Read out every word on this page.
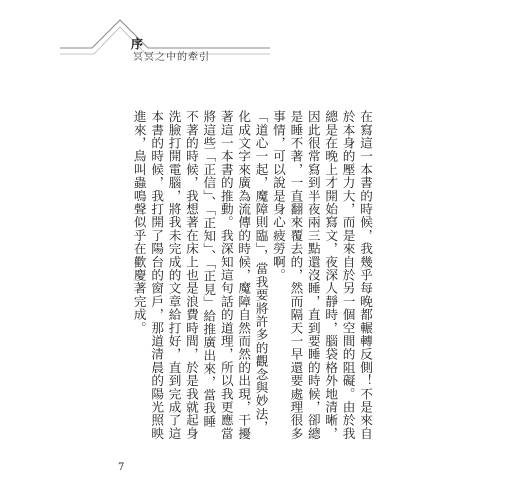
序
冥冥之中的牽引

在寫這一本書的時候，我幾乎每晚都輾轉反側！不是來自於本身的壓力大，而是來自於另一個空間的阻礙。由於我總是在晚上才開始寫文，夜深人靜時，腦袋格外地清晰，因此很常寫到半夜兩三點還沒睡，直到要睡的時候，卻總是睡不著，一直翻來覆去的，然而隔天一早還要處理很多事情，可以說是身心疲勞啊。

「道心一起，魔障則臨」，當我要將許多的觀念與妙法，化成文字來廣為流傳的時候，魔障自然而然的出現，干擾著這一本書的推動。我深知這句話的道理，所以我更應當將這些「正信」、「正知」、「正見」給推廣出來，當我睡不著的時候，我想著在床上也是浪費時間，於是我就起身洗臉打開電腦，將我未完成的文章給打好，直到完成了這本書的時候，我打開了陽台的窗戶，那道清晨的陽光照映進來，鳥叫蟲鳴聲似乎在歡慶著完成。

7
